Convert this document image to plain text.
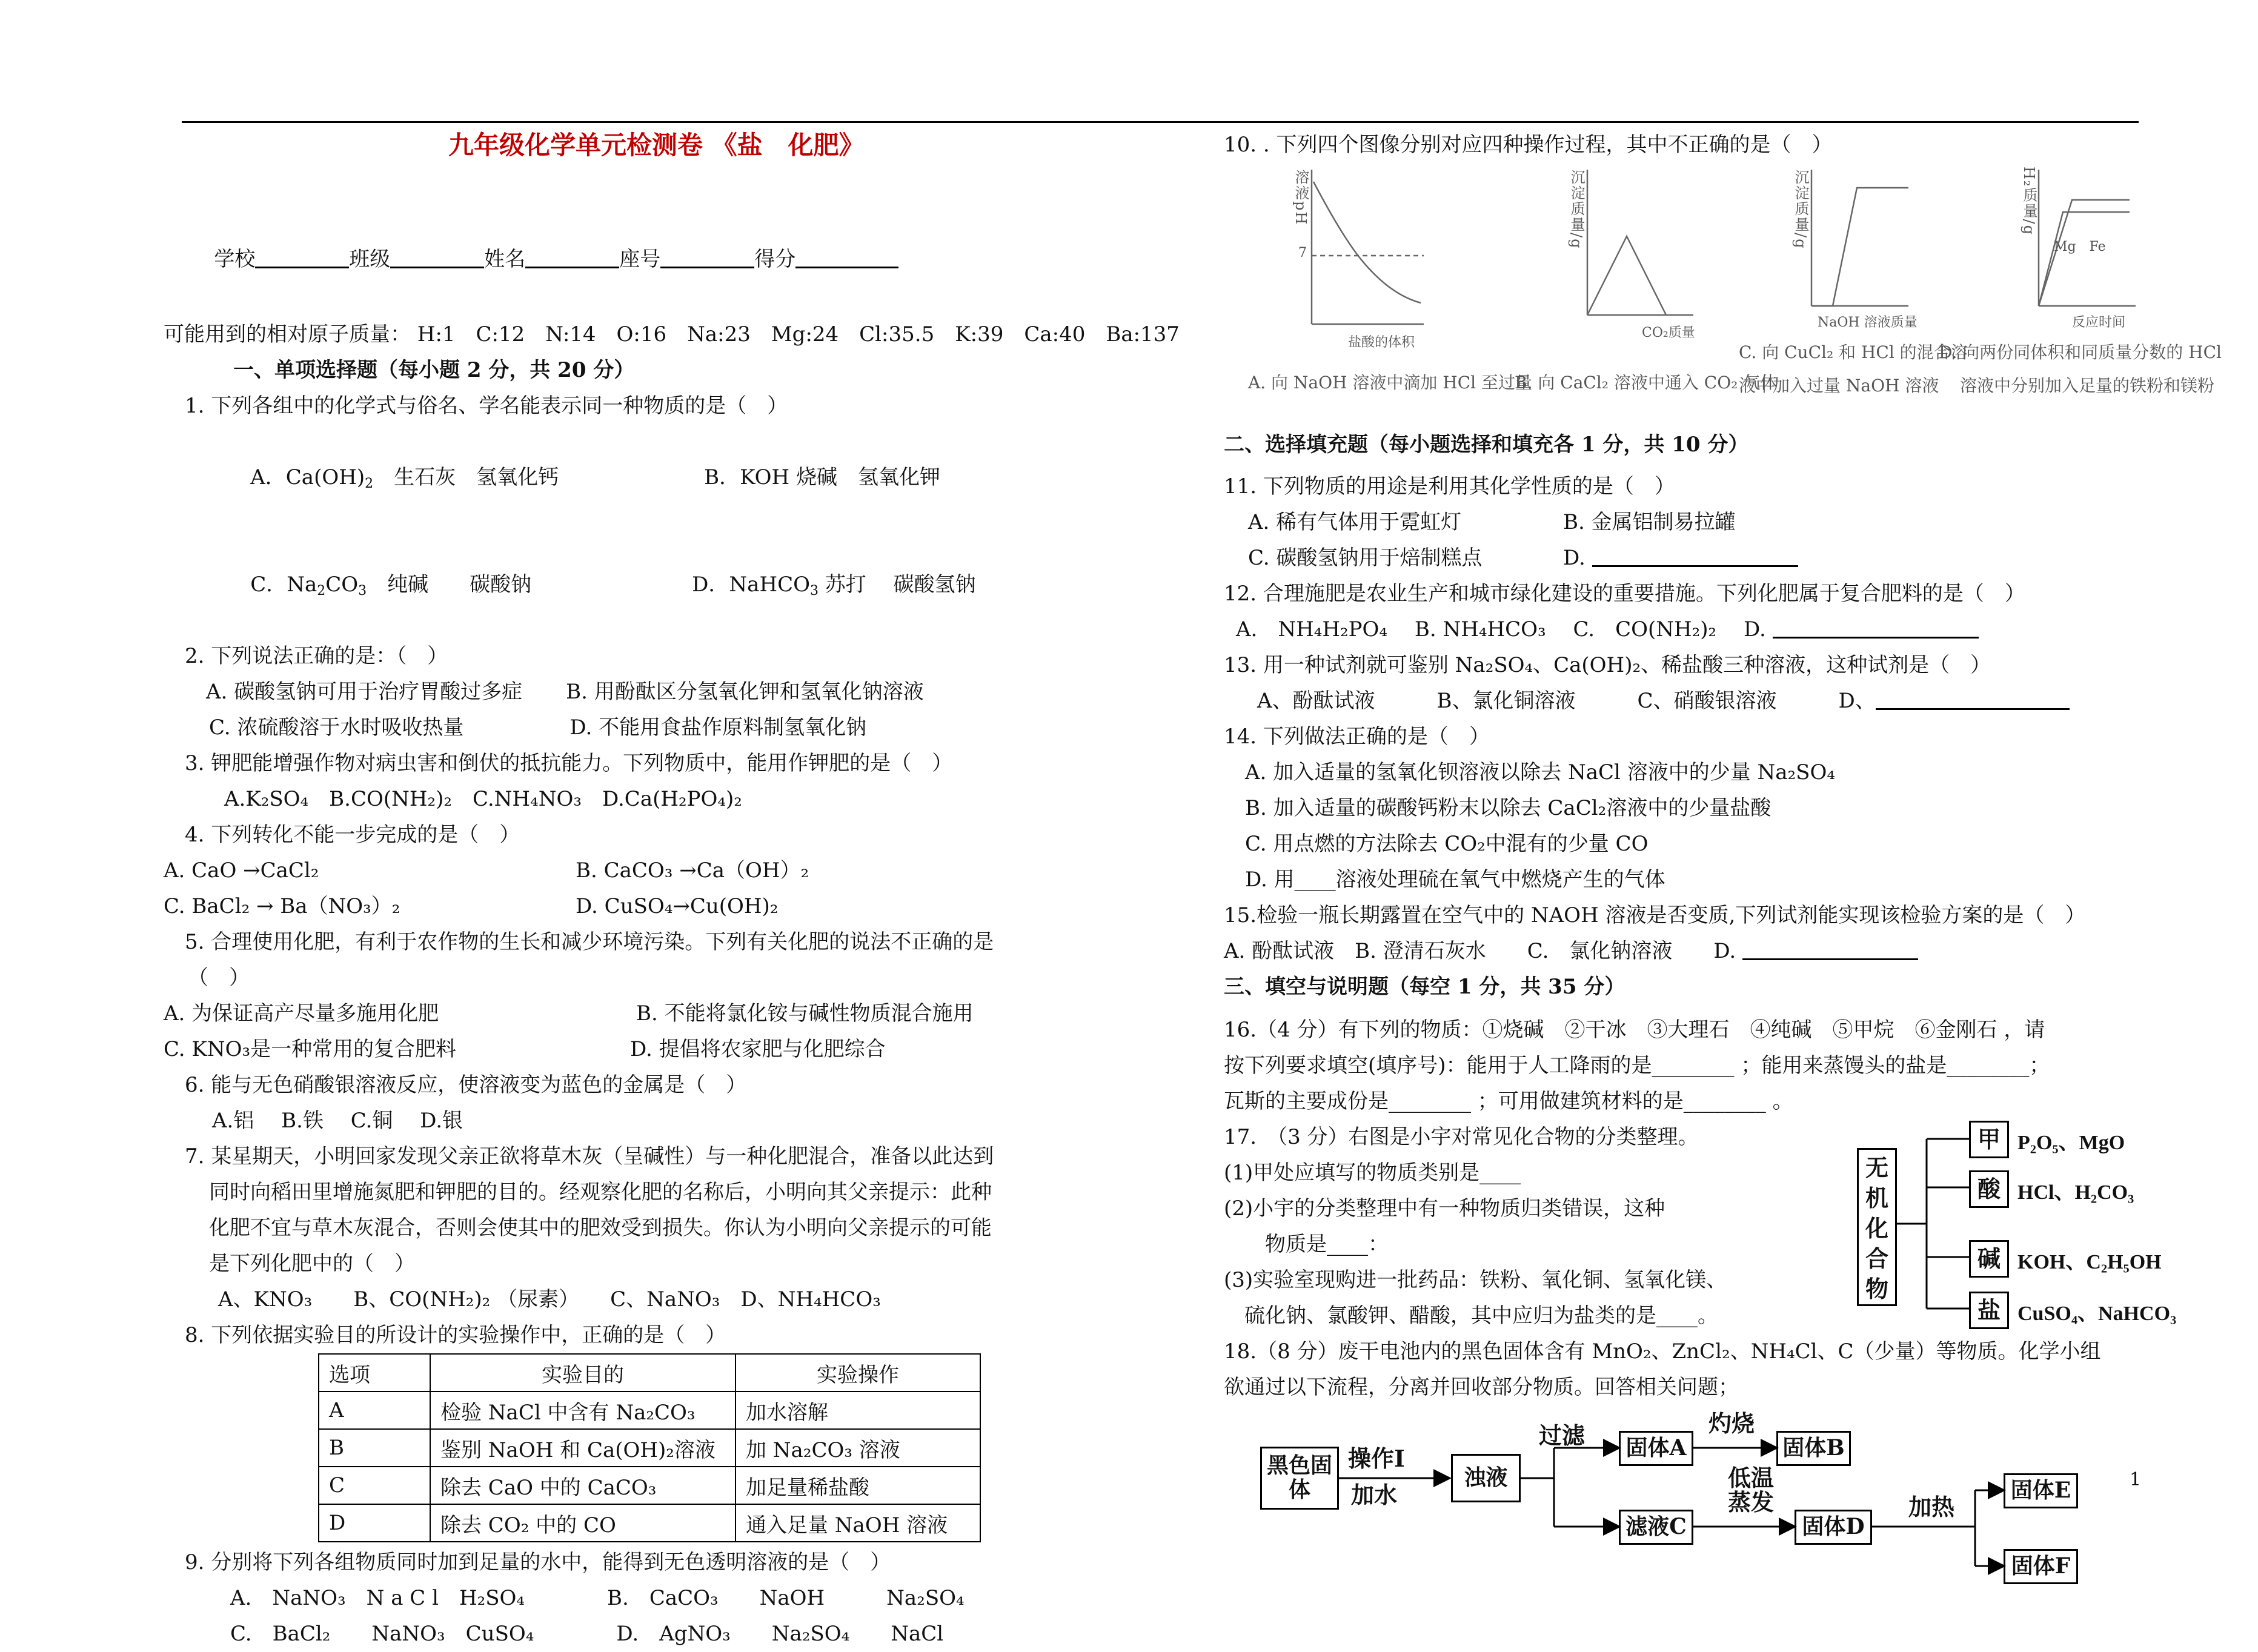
九年级化学单元检测卷 《盐　化肥》

学校	班级	姓名	座号	得分

可能用到的相对原子质量： H:1　C:12　N:14　O:16　Na:23　Mg:24　Cl:35.5　K:39　Ca:40　Ba:137
一、单项选择题（每小题 2 分，共 20 分）
1. 下列各组中的化学式与俗名、学名能表示同一种物质的是（　）

A．$Ca(OH)_2$　生石灰　氢氧化钙	B．KOH 烧碱　氢氧化钾

C．$Na_2CO_3$　纯碱　　碳酸钠	D．NaHCO$_3$ 苏打　 碳酸氢钠

2. 下列说法正确的是：（　）
A. 碳酸氢钠可用于治疗胃酸过多症 B. 用酚酞区分氢氧化钾和氢氧化钠溶液
C. 浓硫酸溶于水时吸收热量	D. 不能用食盐作原料制氢氧化钠
3. 钾肥能增强作物对病虫害和倒伏的抵抗能力。下列物质中，能用作钾肥的是（　）
A.K₂SO₄　B.CO(NH₂)₂　C.NH₄NO₃　D.Ca(H₂PO₄)₂
4. 下列转化不能一步完成的是（　）
A. CaO →CaCl₂	B. CaCO₃ →Ca（OH）₂
C. BaCl₂ → Ba（NO₃）₂	D. CuSO₄→Cu(OH)₂
5. 合理使用化肥，有利于农作物的生长和减少环境污染。下列有关化肥的说法不正确的是
（　）
A. 为保证高产尽量多施用化肥	B. 不能将氯化铵与碱性物质混合施用
C. KNO₃是一种常用的复合肥料	D. 提倡将农家肥与化肥综合
6. 能与无色硝酸银溶液反应，使溶液变为蓝色的金属是（　）
A.铝　 B.铁　 C.铜　 D.银
7. 某星期天，小明回家发现父亲正欲将草木灰（呈碱性）与一种化肥混合，准备以此达到
同时向稻田里增施氮肥和钾肥的目的。经观察化肥的名称后，小明向其父亲提示：此种
化肥不宜与草木灰混合，否则会使其中的肥效受到损失。你认为小明向父亲提示的可能
是下列化肥中的（　）
A、KNO₃　　B、CO(NH₂)₂ （尿素）　　C、NaNO₃　D、NH₄HCO₃
8. 下列依据实验目的所设计的实验操作中，正确的是（　）
选项	实验目的	实验操作
A	检验 NaCl 中含有 Na₂CO₃	加水溶解
B	鉴别 NaOH 和 Ca(OH)₂溶液	加 Na₂CO₃ 溶液
C	除去 CaO 中的 CaCO₃	加足量稀盐酸
D	除去 CO₂ 中的 CO	通入足量 NaOH 溶液
9. 分别将下列各组物质同时加到足量的水中，能得到无色透明溶液的是（　）
A.　NaNO₃　N a C l　H₂SO₄　　　　B.　CaCO₃　　NaOH　　　Na₂SO₄
C.　BaCl₂　　NaNO₃　CuSO₄　　　　D.　AgNO₃　　Na₂SO₄　　NaCl
10. . 下列四个图像分别对应四种操作过程，其中不正确的是（　）
溶液pH
7
盐酸的体积
沉淀质量/g
CO₂质量
沉淀质量/g
NaOH 溶液质量
H₂质量/g
Mg　Fe
反应时间
A. 向 NaOH 溶液中滴加 HCl 至过量
B. 向 CaCl₂ 溶液中通入 CO₂ 气体
C. 向 CuCl₂ 和 HCl 的混合溶
液中加入过量 NaOH 溶液
D. 向两份同体积和同质量分数的 HCl
溶液中分别加入足量的铁粉和镁粉
二、选择填充题（每小题选择和填充各 1 分，共 10 分）
11. 下列物质的用途是利用其化学性质的是（　）
A. 稀有气体用于霓虹灯	B. 金属铝制易拉罐
C. 碳酸氢钠用于焙制糕点	D.
12. 合理施肥是农业生产和城市绿化建设的重要措施。下列化肥属于复合肥料的是（　）
A.　NH₄H₂PO₄　 B. NH₄HCO₃　 C.　CO(NH₂)₂　 D.
13. 用一种试剂就可鉴别 Na₂SO₄、Ca(OH)₂、稀盐酸三种溶液，这种试剂是（　）
A、酚酞试液　　　B、氯化铜溶液　　　C、硝酸银溶液　　　D、
14. 下列做法正确的是（　）
A. 加入适量的氢氧化钡溶液以除去 NaCl 溶液中的少量 Na₂SO₄
B. 加入适量的碳酸钙粉末以除去 CaCl₂溶液中的少量盐酸
C. 用点燃的方法除去 CO₂中混有的少量 CO
D. 用____溶液处理硫在氧气中燃烧产生的气体
15.检验一瓶长期露置在空气中的 NAOH 溶液是否变质,下列试剂能实现该检验方案的是（　）
A. 酚酞试液　B. 澄清石灰水　　C.　氯化钠溶液　　D.
三、填空与说明题（每空 1 分，共 35 分）
16.（4 分）有下列的物质：①烧碱　②干冰　③大理石　④纯碱　⑤甲烷　⑥金刚石 ，请
按下列要求填空(填序号)：能用于人工降雨的是________ ；能用来蒸馒头的盐是________；
瓦斯的主要成份是________ ；可用做建筑材料的是________ 。
17.　（3 分）右图是小宇对常见化合物的分类整理。
(1)甲处应填写的物质类别是____
(2)小宇的分类整理中有一种物质归类错误，这种
　　物质是____：
(3)实验室现购进一批药品：铁粉、氧化铜、氢氧化镁、
　硫化钠、氯酸钾、醋酸，其中应归为盐类的是____。
18.（8 分）废干电池内的黑色固体含有 MnO₂、ZnCl₂、NH₄Cl、C（少量）等物质。化学小组
欲通过以下流程，分离并回收部分物质。回答相关问题；
无机化合物
甲
酸
碱
盐
P₂O₅、MgO
HCl、H₂CO₃
KOH、C₂H₅OH
CuSO₄、NaHCO₃
黑色固体
操作Ⅰ
加水
浊液
过滤	固体A
灼烧
固体B
滤液C
低温蒸发
固体D
加热
固体E
固体F
1
